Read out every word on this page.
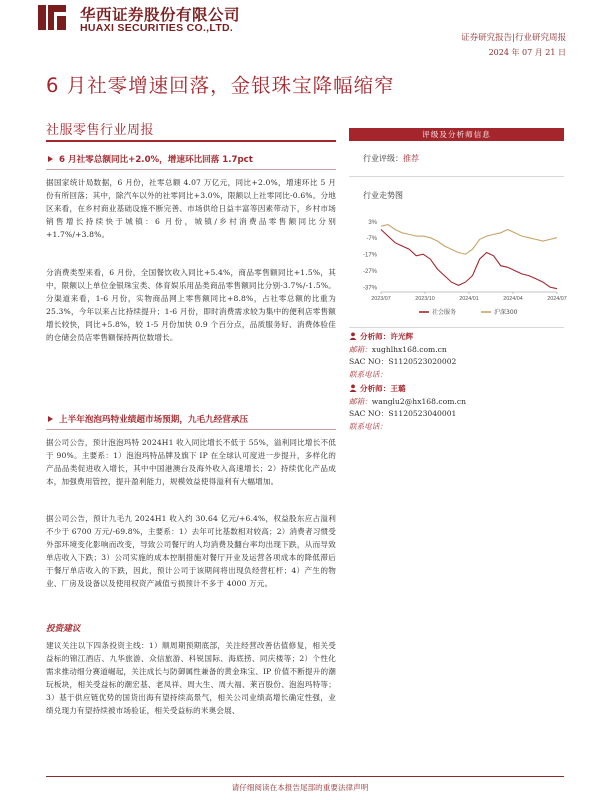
华西证券股份有限公司
HUAXI SECURITIES CO.,LTD.
证券研究报告|行业研究周报
2024 年 07 月 21 日
6 月社零增速回落，金银珠宝降幅缩窄
社服零售行业周报
6 月社零总额同比+2.0%，增速环比回落 1.7pct
据国家统计局数据，6 月份，社零总额 4.07 万亿元，同比+2.0%，增速环比 5 月份有所回落；其中，除汽车以外的社零同比+3.0%，限额以上社零同比-0.6%。分地区来看，在乡村商业基础设施不断完善、市场供给日益丰富等因素带动下，乡村市场销售增长持续快于城镇：6 月份，城镇/乡村消费品零售额同比分别+1.7%/+3.8%。
分消费类型来看，6 月份，全国餐饮收入同比+5.4%，商品零售额同比+1.5%，其中，限额以上单位金银珠宝类、体育娱乐用品类商品零售额同比分别-3.7%/-1.5%。分渠道来看，1-6 月份，实物商品网上零售额同比+8.8%，占社零总额的比重为 25.3%，今年以来占比持续提升；1-6 月份，即时消费需求较为集中的便利店零售额增长较快，同比+5.8%，较 1-5 月份加快 0.9 个百分点，品质服务好、消费体验佳的仓储会员店零售额保持两位数增长。
上半年泡泡玛特业绩超市场预期，九毛九经营承压
据公司公告，预计泡泡玛特 2024H1 收入同比增长不低于 55%，溢利同比增长不低于 90%。主要系：1）泡泡玛特品牌及旗下 IP 在全球认可度进一步提升，多样化的产品品类促进收入增长，其中中国港澳台及海外收入高速增长；2）持续优化产品成本，加强费用管控，提升盈利能力，规模效益使得溢利有大幅增加。
据公司公告，预计九毛九 2024H1 收入约 30.64 亿元/+6.4%，权益股东应占溢利不少于 6700 万元/-69.8%，主要系：1）去年可比基数相对较高；2）消费者习惯受外部环境变化影响而改变，导致公司餐厅的人均消费及翻台率均出现下跌，从而导致单店收入下跌；3）公司实施的成本控制措施对餐厅开业及运营各项成本的降低滞后于餐厅单店收入的下跌，因此，预计公司于该期间将出现负经营杠杆；4）产生的物业、厂房及设备以及使用权资产减值亏损预计不多于 4000 万元。
投资建议
建议关注以下四条投资主线：1）顺周期预期底部，关注经营改善估值修复，相关受益标的锦江酒店、九华旅游、众信旅游、科锐国际、海底捞、同庆楼等；2）个性化需求推动细分赛道崛起，关注成长与防御属性兼备的黄金珠宝、IP 价值不断提升的潮玩板块，相关受益标的潮宏基、老凤祥、周大生、周大福、莱百股份、泡泡玛特等；3）基于供应链优势的国货出海有望持续高景气，相关公司业绩高增长确定性强，业绩兑现力有望持续被市场验证，相关受益标的米奥会展、
评级及分析师信息
行业评级：推荐
行业走势图
3%
-7%
-17%
-27%
-37%
2023/07	2023/10	2024/01	2024/04	2024/07
社会服务	沪深300
分析师：许光辉
邮箱：xughlhx168.com.cn
SAC NO：S1120523020002
联系电话：
分析师：王璐
邮箱：wanglu2@hx168.com.cn
SAC NO：S1120523040001
联系电话：
请仔细阅读在本报告尾部的重要法律声明
